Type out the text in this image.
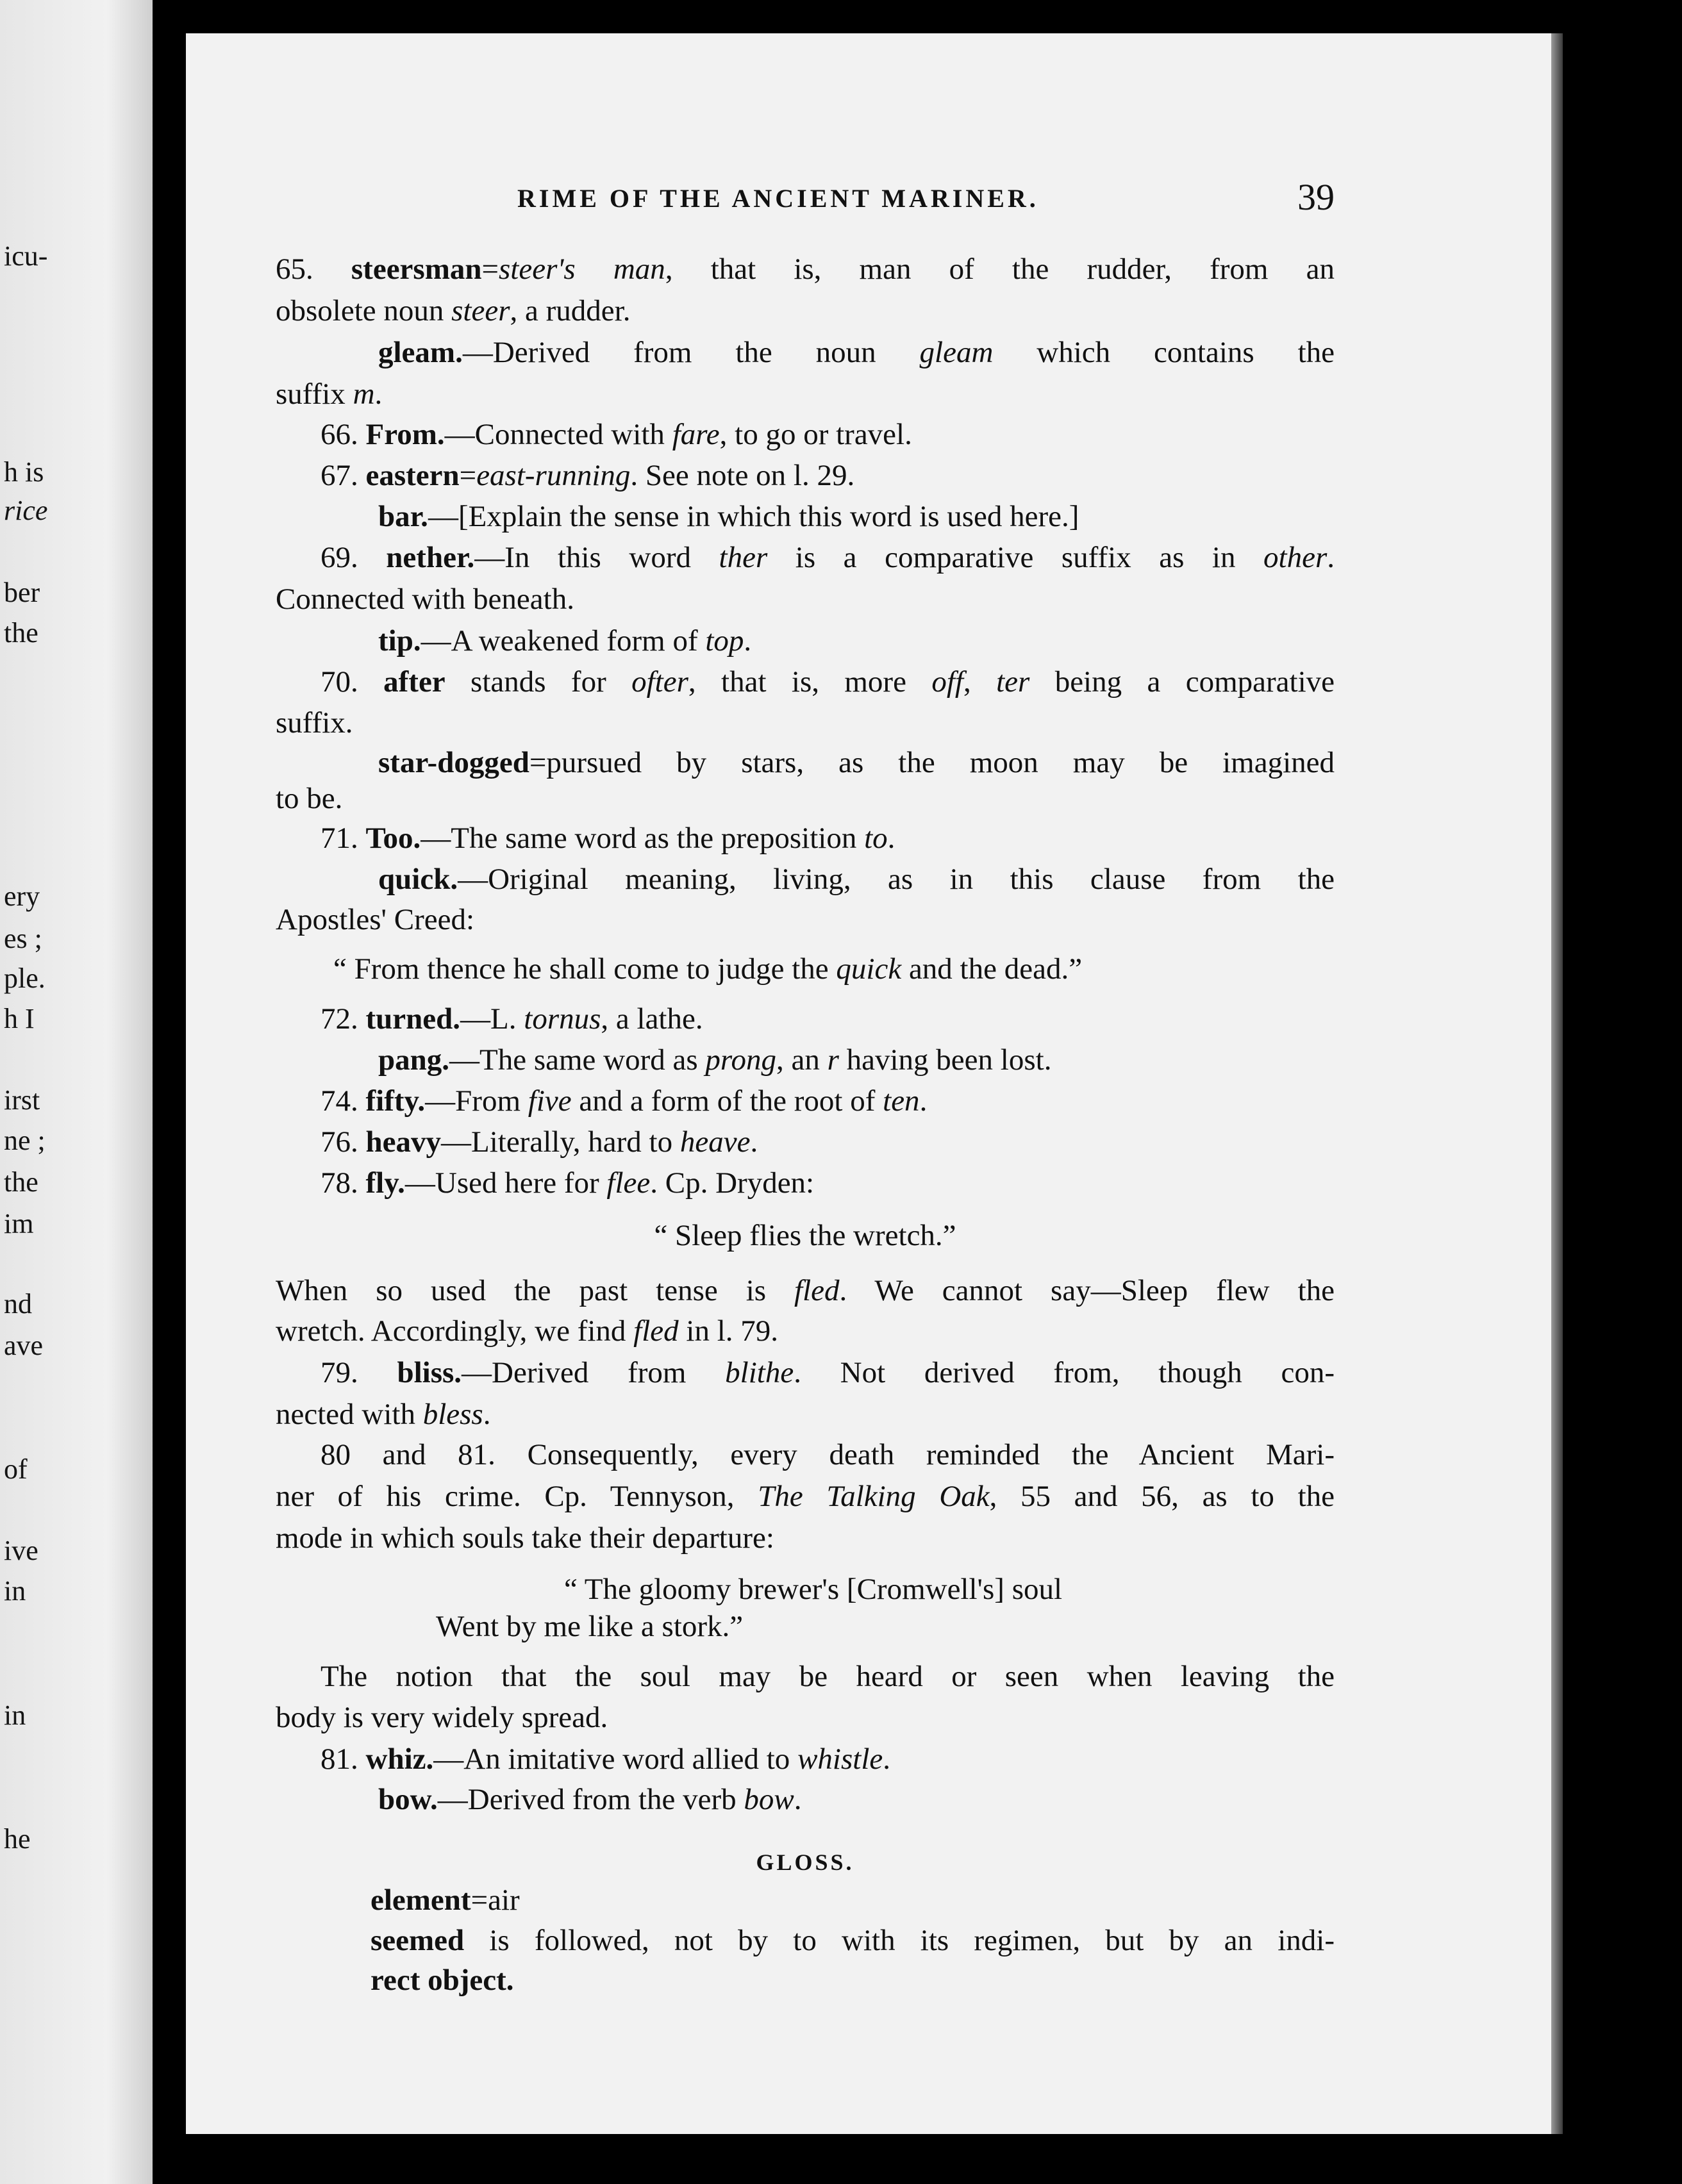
icu-
h is
rice
ber
the
ery
es ;
ple.
h I
irst
ne ;
the
im
nd
ave
of
ive
in
in
he
RIME OF THE ANCIENT MARINER.	39
65. steersman=steer's man, that is, man of the rudder, from an
obsolete noun steer, a rudder.
gleam.—Derived from the noun gleam which contains the
suffix m.
66. From.—Connected with fare, to go or travel.
67. eastern=east-running. See note on l. 29.
bar.—[Explain the sense in which this word is used here.]
69. nether.—In this word ther is a comparative suffix as in other.
Connected with beneath.
tip.—A weakened form of top.
70. after stands for ofter, that is, more off, ter being a comparative
suffix.
star-dogged=pursued by stars, as the moon may be imagined
to be.
71. Too.—The same word as the preposition to.
quick.—Original meaning, living, as in this clause from the
Apostles' Creed:
“ From thence he shall come to judge the quick and the dead.”
72. turned.—L. tornus, a lathe.
pang.—The same word as prong, an r having been lost.
74. fifty.—From five and a form of the root of ten.
76. heavy—Literally, hard to heave.
78. fly.—Used here for flee. Cp. Dryden:
“ Sleep flies the wretch.”
When so used the past tense is fled. We cannot say—Sleep flew the
wretch. Accordingly, we find fled in l. 79.
79. bliss.—Derived from blithe. Not derived from, though con-
nected with bless.
80 and 81. Consequently, every death reminded the Ancient Mari-
ner of his crime. Cp. Tennyson, The Talking Oak, 55 and 56, as to the
mode in which souls take their departure:
“ The gloomy brewer's [Cromwell's] soul
Went by me like a stork.”
The notion that the soul may be heard or seen when leaving the
body is very widely spread.
81. whiz.—An imitative word allied to whistle.
bow.—Derived from the verb bow.
GLOSS.
element=air
seemed is followed, not by to with its regimen, but by an indi-
rect object.
